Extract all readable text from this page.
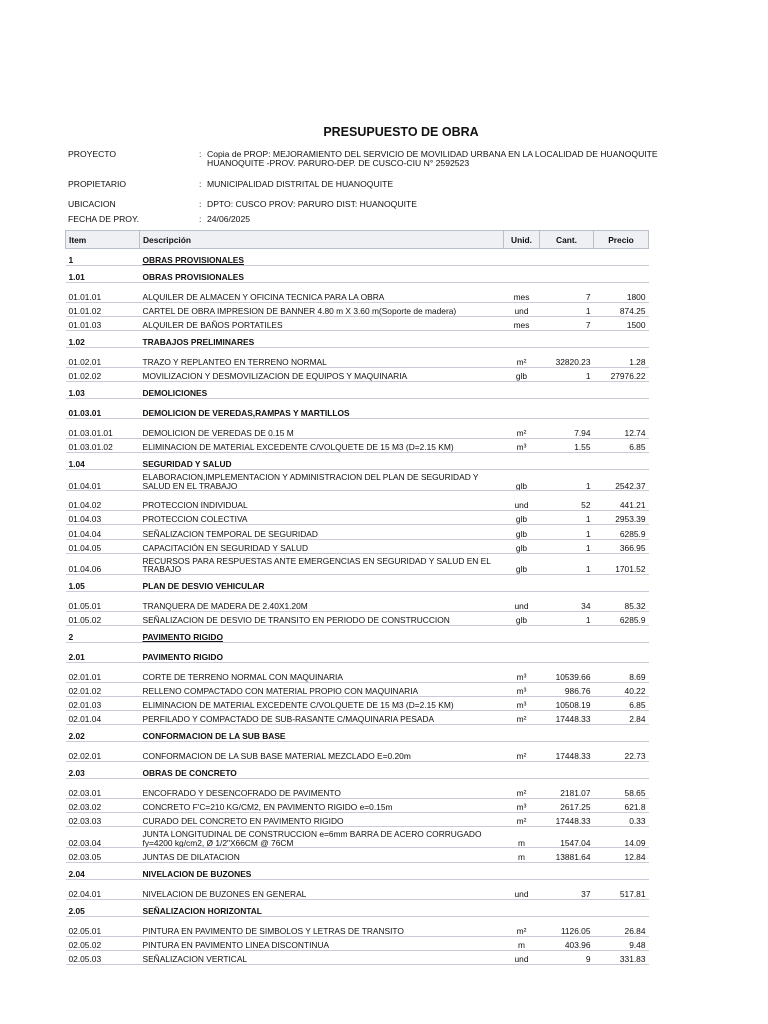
PRESUPUESTO DE OBRA
PROYECTO	: Copia de PROP: MEJORAMIENTO DEL SERVICIO DE MOVILIDAD URBANA EN LA LOCALIDAD DE HUANOQUITE
HUANOQUITE -PROV. PARURO-DEP. DE CUSCO-CIU N° 2592523
PROPIETARIO	: MUNICIPALIDAD DISTRITAL DE HUANOQUITE
UBICACION	: DPTO: CUSCO PROV: PARURO DIST: HUANOQUITE
FECHA DE PROY.	: 24/06/2025
Item	Descripción	Unid.	Cant.	Precio
1	OBRAS PROVISIONALES			
1.01	OBRAS PROVISIONALES			
01.01.01	ALQUILER DE ALMACEN Y OFICINA TECNICA PARA LA OBRA	mes	7	1800
01.01.02	CARTEL DE OBRA IMPRESION DE BANNER 4.80 m X 3.60 m(Soporte de madera)	und	1	874.25
01.01.03	ALQUILER DE BAÑOS PORTATILES	mes	7	1500
1.02	TRABAJOS PRELIMINARES			
01.02.01	TRAZO Y REPLANTEO EN TERRENO NORMAL	m²	32820.23	1.28
01.02.02	MOVILIZACION Y DESMOVILIZACION DE EQUIPOS Y MAQUINARIA	glb	1	27976.22
1.03	DEMOLICIONES			
01.03.01	DEMOLICION DE VEREDAS,RAMPAS Y MARTILLOS			
01.03.01.01	DEMOLICION DE VEREDAS DE 0.15 M	m²	7.94	12.74
01.03.01.02	ELIMINACION DE MATERIAL EXCEDENTE C/VOLQUETE DE 15 M3 (D=2.15 KM)	m³	1.55	6.85
1.04	SEGURIDAD Y SALUD			
01.04.01	ELABORACION,IMPLEMENTACION Y ADMINISTRACION DEL PLAN DE SEGURIDAD Y SALUD EN EL TRABAJO	glb	1	2542.37
01.04.02	PROTECCION INDIVIDUAL	und	52	441.21
01.04.03	PROTECCION COLECTIVA	glb	1	2953.39
01.04.04	SEÑALIZACION TEMPORAL DE SEGURIDAD	glb	1	6285.9
01.04.05	CAPACITACIÓN EN SEGURIDAD Y SALUD	glb	1	366.95
01.04.06	RECURSOS PARA RESPUESTAS ANTE EMERGENCIAS EN SEGURIDAD Y SALUD EN EL TRABAJO	glb	1	1701.52
1.05	PLAN DE DESVIO VEHICULAR			
01.05.01	TRANQUERA DE MADERA DE 2.40X1.20M	und	34	85.32
01.05.02	SEÑALIZACION DE DESVIO DE TRANSITO EN PERIODO DE CONSTRUCCION	glb	1	6285.9
2	PAVIMENTO RIGIDO			
2.01	PAVIMENTO RIGIDO			
02.01.01	CORTE DE TERRENO NORMAL CON MAQUINARIA	m³	10539.66	8.69
02.01.02	RELLENO COMPACTADO CON MATERIAL PROPIO CON MAQUINARIA	m³	986.76	40.22
02.01.03	ELIMINACION DE MATERIAL EXCEDENTE C/VOLQUETE DE 15 M3 (D=2.15 KM)	m³	10508.19	6.85
02.01.04	PERFILADO Y COMPACTADO DE SUB-RASANTE C/MAQUINARIA PESADA	m²	17448.33	2.84
2.02	CONFORMACION DE LA SUB BASE			
02.02.01	CONFORMACION DE LA SUB BASE MATERIAL MEZCLADO E=0.20m	m²	17448.33	22.73
2.03	OBRAS DE CONCRETO			
02.03.01	ENCOFRADO Y DESENCOFRADO DE PAVIMENTO	m²	2181.07	58.65
02.03.02	CONCRETO F'C=210 KG/CM2, EN PAVIMENTO RIGIDO e=0.15m	m³	2617.25	621.8
02.03.03	CURADO DEL CONCRETO EN PAVIMENTO RIGIDO	m²	17448.33	0.33
02.03.04	JUNTA LONGITUDINAL DE CONSTRUCCION e=6mm BARRA DE ACERO CORRUGADO fy=4200 kg/cm2, Ø 1/2"X66CM @ 76CM	m	1547.04	14.09
02.03.05	JUNTAS DE DILATACION	m	13881.64	12.84
2.04	NIVELACION DE BUZONES			
02.04.01	NIVELACION DE BUZONES EN GENERAL	und	37	517.81
2.05	SEÑALIZACION HORIZONTAL			
02.05.01	PINTURA EN PAVIMENTO DE SIMBOLOS Y LETRAS DE TRANSITO	m²	1126.05	26.84
02.05.02	PINTURA EN PAVIMENTO LINEA DISCONTINUA	m	403.96	9.48
02.05.03	SEÑALIZACION VERTICAL	und	9	331.83
